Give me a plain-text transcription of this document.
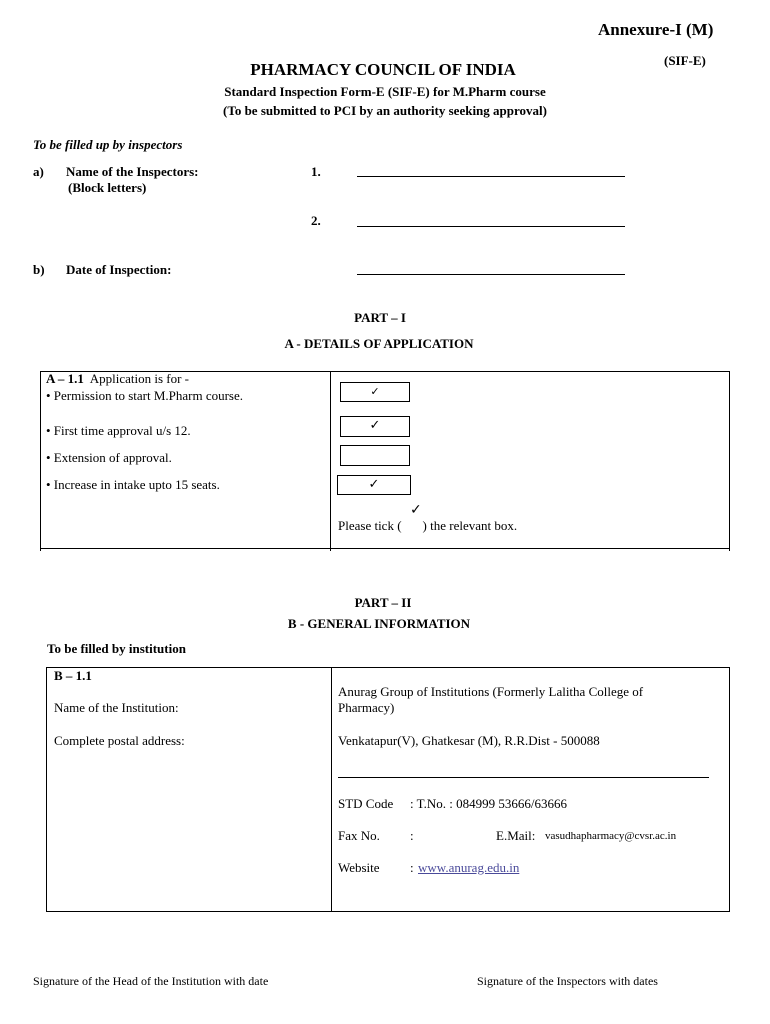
Annexure-I (M)
(SIF-E)
PHARMACY COUNCIL OF INDIA
Standard Inspection Form-E (SIF-E) for M.Pharm course
(To be submitted to PCI by an authority seeking approval)
To be filled up by inspectors
a) Name of the Inspectors:
(Block letters)
1.
2.
b) Date of Inspection:
PART – I
A - DETAILS OF APPLICATION
A – 1.1 Application is for -
• Permission to start M.Pharm course.
• First time approval u/s 12.
• Extension of approval.
• Increase in intake upto 15 seats.
✓
✓
✓
✓
Please tick ( ) the relevant box.
PART – II
B - GENERAL INFORMATION
To be filled by institution
B – 1.1
Name of the Institution:
Complete postal address:
Anurag Group of Institutions (Formerly Lalitha College of
Pharmacy)
Venkatapur(V), Ghatkesar (M), R.R.Dist - 500088
STD Code : T.No. : 084999 53666/63666
Fax No. :	E.Mail: vasudhapharmacy@cvsr.ac.in
Website : www.anurag.edu.in
Signature of the Head of the Institution with date	Signature of the Inspectors with dates
